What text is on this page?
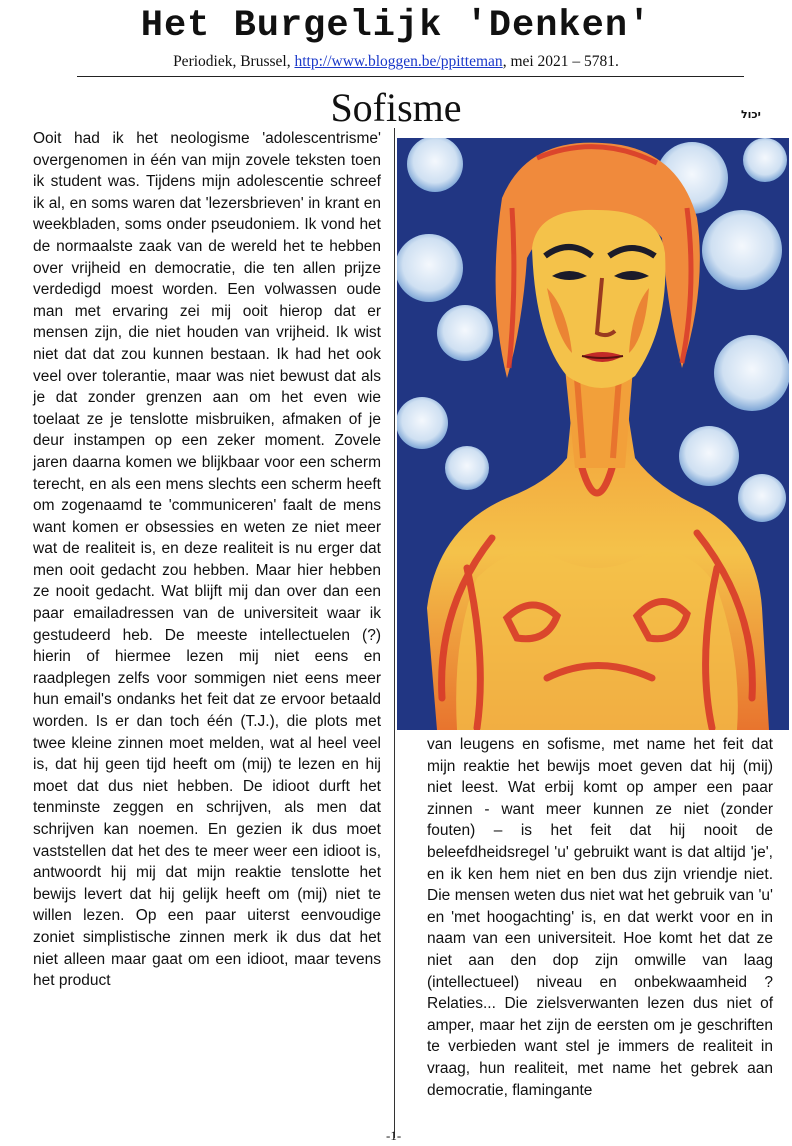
Het Burgelijk 'Denken'
Periodiek, Brussel, http://www.bloggen.be/ppitteman, mei 2021 – 5781.
Sofisme	יכול
Ooit had ik het neologisme 'adolescentrisme' overgenomen in één van mijn zovele teksten toen ik student was. Tijdens mijn adolescentie schreef ik al, en soms waren dat 'lezersbrieven' in krant en weekbladen, soms onder pseudoniem. Ik vond het de normaalste zaak van de wereld het te hebben over vrijheid en democratie, die ten allen prijze verdedigd moest worden. Een volwassen oude man met ervaring zei mij ooit hierop dat er mensen zijn, die niet houden van vrijheid. Ik wist niet dat dat zou kunnen bestaan. Ik had het ook veel over tolerantie, maar was niet bewust dat als je dat zonder grenzen aan om het even wie toelaat ze je tenslotte misbruiken, afmaken of je deur instampen op een zeker moment. Zovele jaren daarna komen we blijkbaar voor een scherm terecht, en als een mens slechts een scherm heeft om zogenaamd te 'communiceren' faalt de mens want komen er obsessies en weten ze niet meer wat de realiteit is, en deze realiteit is nu erger dat men ooit gedacht zou hebben. Maar hier hebben ze nooit gedacht. Wat blijft mij dan over dan een paar emailadressen van de universiteit waar ik gestudeerd heb. De meeste intellectuelen (?) hierin of hiermee lezen mij niet eens en raadplegen zelfs voor sommigen niet eens meer hun email's ondanks het feit dat ze ervoor betaald worden. Is er dan toch één (T.J.), die plots met twee kleine zinnen moet melden, wat al heel veel is, dat hij geen tijd heeft om (mij) te lezen en hij moet dat dus niet hebben. De idioot durft het tenminste zeggen en schrijven, als men dat schrijven kan noemen. En gezien ik dus moet vaststellen dat het des te meer weer een idioot is, antwoordt hij mij dat mijn reaktie tenslotte het bewijs levert dat hij gelijk heeft om (mij) niet te willen lezen. Op een paar uiterst eenvoudige zoniet simplistische zinnen merk ik dus dat het niet alleen maar gaat om een idioot, maar tevens het product
van leugens en sofisme, met name het feit dat mijn reaktie het bewijs moet geven dat hij (mij) niet leest. Wat erbij komt op amper een paar zinnen - want meer kunnen ze niet (zonder fouten) – is het feit dat hij nooit de beleefdheidsregel 'u' gebruikt want is dat altijd 'je', en ik ken hem niet en ben dus zijn vriendje niet. Die mensen weten dus niet wat het gebruik van 'u' en 'met hoogachting' is, en dat werkt voor en in naam van een universiteit. Hoe komt het dat ze niet aan den dop zijn omwille van laag (intellectueel) niveau en onbekwaamheid ? Relaties... Die zielsverwanten lezen dus niet of amper, maar het zijn de eersten om je geschriften te verbieden want stel je immers de realiteit in vraag, hun realiteit, met name het gebrek aan democratie, flamingante
-1-
